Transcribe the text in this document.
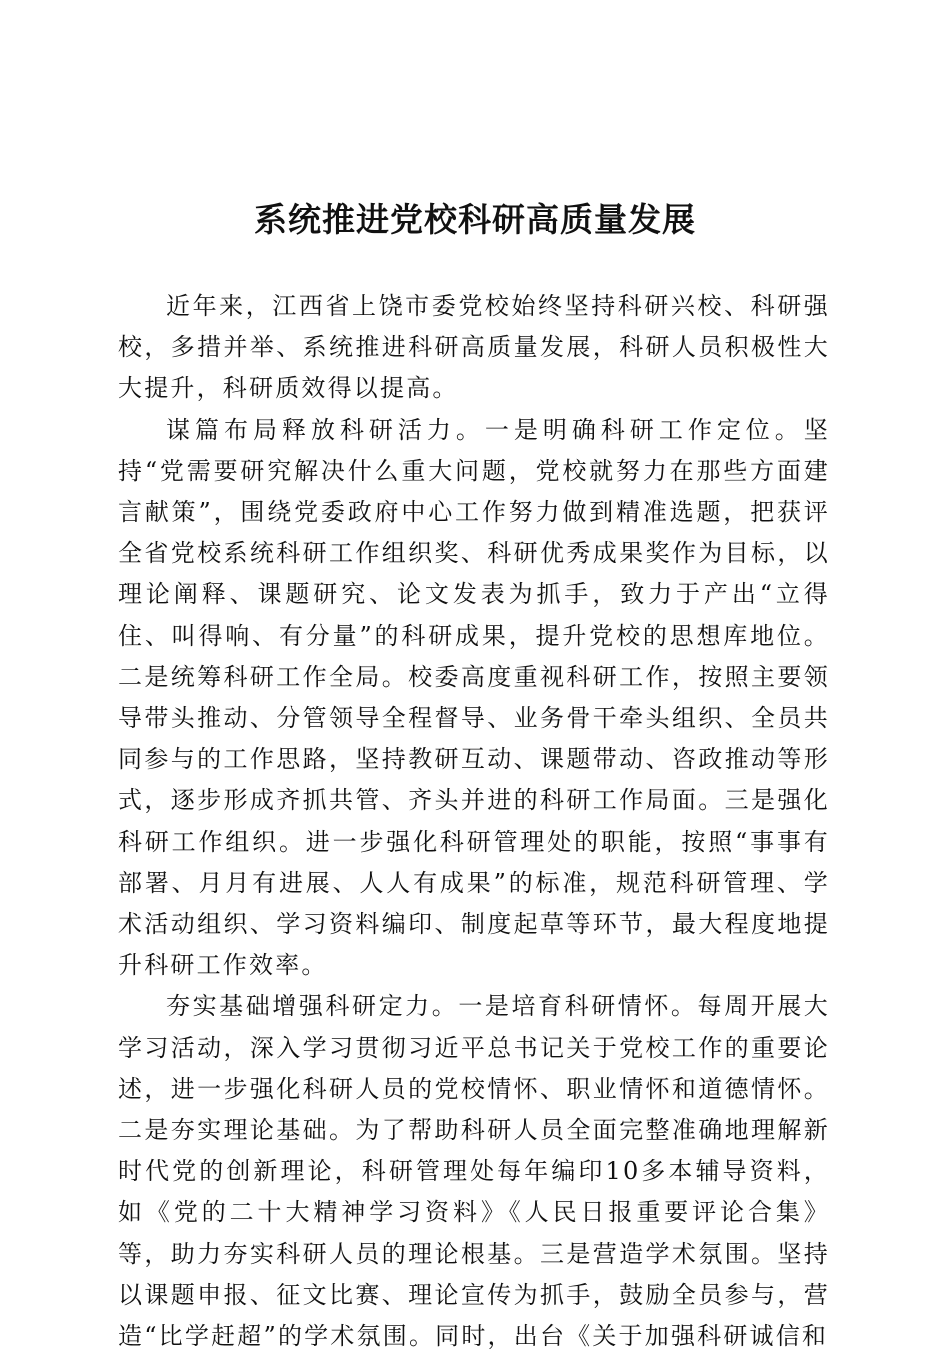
系统推进党校科研高质量发展

近年来，江西省上饶市委党校始终坚持科研兴校、科研强校，多措并举、系统推进科研高质量发展，科研人员积极性大大提升，科研质效得以提高。

谋篇布局释放科研活力。一是明确科研工作定位。坚持“党需要研究解决什么重大问题，党校就努力在那些方面建言献策”，围绕党委政府中心工作努力做到精准选题，把获评全省党校系统科研工作组织奖、科研优秀成果奖作为目标，以理论阐释、课题研究、论文发表为抓手，致力于产出“立得住、叫得响、有分量”的科研成果，提升党校的思想库地位。二是统筹科研工作全局。校委高度重视科研工作，按照主要领导带头推动、分管领导全程督导、业务骨干牵头组织、全员共同参与的工作思路，坚持教研互动、课题带动、咨政推动等形式，逐步形成齐抓共管、齐头并进的科研工作局面。三是强化科研工作组织。进一步强化科研管理处的职能，按照“事事有部署、月月有进展、人人有成果”的标准，规范科研管理、学术活动组织、学习资料编印、制度起草等环节，最大程度地提升科研工作效率。

夯实基础增强科研定力。一是培育科研情怀。每周开展大学习活动，深入学习贯彻习近平总书记关于党校工作的重要论述，进一步强化科研人员的党校情怀、职业情怀和道德情怀。二是夯实理论基础。为了帮助科研人员全面完整准确地理解新时代党的创新理论，科研管理处每年编印10多本辅导资料，如《党的二十大精神学习资料》《人民日报重要评论合集》等，助力夯实科研人员的理论根基。三是营造学术氛围。坚持以课题申报、征文比赛、理论宣传为抓手，鼓励全员参与，营造“比学赶超”的学术氛围。同时，出台《关于加强科研诚信和
